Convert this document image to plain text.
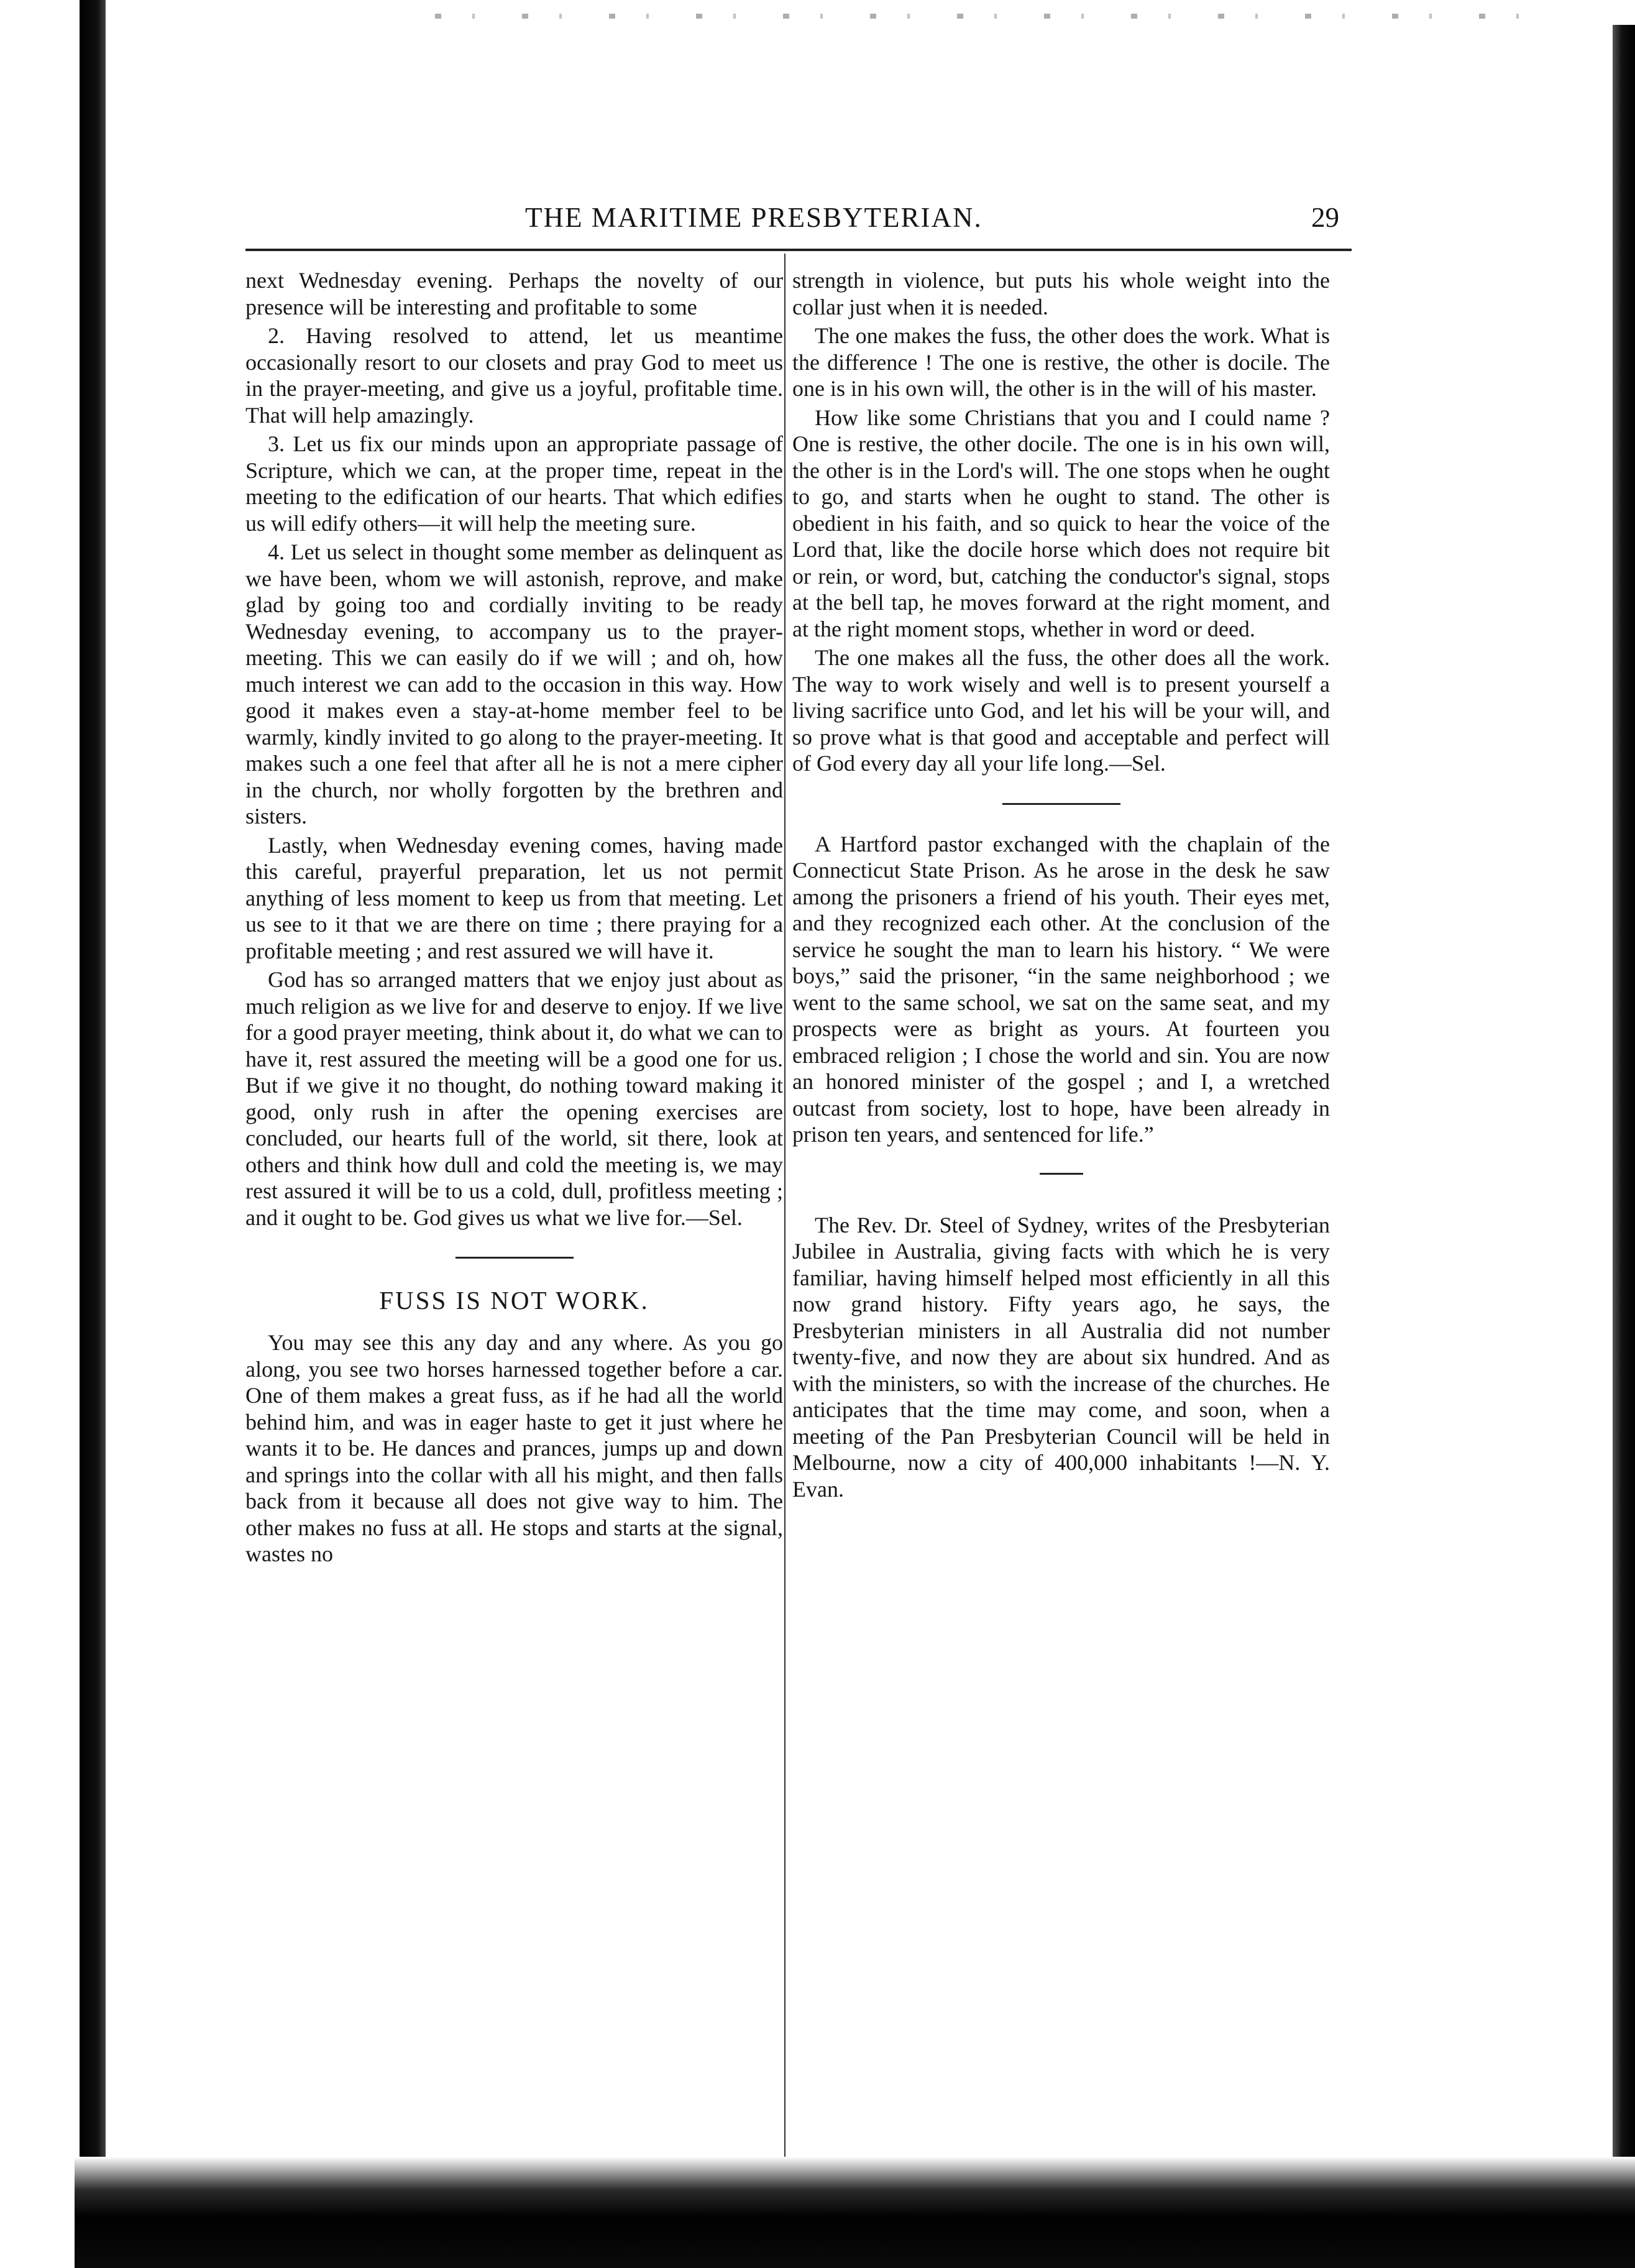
THE MARITIME PRESBYTERIAN.	29

next Wednesday evening. Perhaps the novelty of our presence will be interesting and profitable to some

2. Having resolved to attend, let us meantime occasionally resort to our closets and pray God to meet us in the prayer-meeting, and give us a joyful, profitable time. That will help amazingly.

3. Let us fix our minds upon an appropriate passage of Scripture, which we can, at the proper time, repeat in the meeting to the edification of our hearts. That which edifies us will edify others—it will help the meeting sure.

4. Let us select in thought some member as delinquent as we have been, whom we will astonish, reprove, and make glad by going too and cordially inviting to be ready Wednesday evening, to accompany us to the prayer-meeting. This we can easily do if we will ; and oh, how much interest we can add to the occasion in this way. How good it makes even a stay-at-home member feel to be warmly, kindly invited to go along to the prayer-meeting. It makes such a one feel that after all he is not a mere cipher in the church, nor wholly forgotten by the brethren and sisters.

Lastly, when Wednesday evening comes, having made this careful, prayerful preparation, let us not permit anything of less moment to keep us from that meeting. Let us see to it that we are there on time ; there praying for a profitable meeting ; and rest assured we will have it.

God has so arranged matters that we enjoy just about as much religion as we live for and deserve to enjoy. If we live for a good prayer meeting, think about it, do what we can to have it, rest assured the meeting will be a good one for us. But if we give it no thought, do nothing toward making it good, only rush in after the opening exercises are concluded, our hearts full of the world, sit there, look at others and think how dull and cold the meeting is, we may rest assured it will be to us a cold, dull, profitless meeting ; and it ought to be. God gives us what we live for.—Sel.

FUSS IS NOT WORK.

You may see this any day and any where. As you go along, you see two horses harnessed together before a car. One of them makes a great fuss, as if he had all the world behind him, and was in eager haste to get it just where he wants it to be. He dances and prances, jumps up and down and springs into the collar with all his might, and then falls back from it because all does not give way to him. The other makes no fuss at all. He stops and starts at the signal, wastes no

strength in violence, but puts his whole weight into the collar just when it is needed.

The one makes the fuss, the other does the work. What is the difference ! The one is restive, the other is docile. The one is in his own will, the other is in the will of his master.

How like some Christians that you and I could name ? One is restive, the other docile. The one is in his own will, the other is in the Lord's will. The one stops when he ought to go, and starts when he ought to stand. The other is obedient in his faith, and so quick to hear the voice of the Lord that, like the docile horse which does not require bit or rein, or word, but, catching the conductor's signal, stops at the bell tap, he moves forward at the right moment, and at the right moment stops, whether in word or deed.

The one makes all the fuss, the other does all the work. The way to work wisely and well is to present yourself a living sacrifice unto God, and let his will be your will, and so prove what is that good and acceptable and perfect will of God every day all your life long.—Sel.

A Hartford pastor exchanged with the chaplain of the Connecticut State Prison. As he arose in the desk he saw among the prisoners a friend of his youth. Their eyes met, and they recognized each other. At the conclusion of the service he sought the man to learn his history. “ We were boys,” said the prisoner, “in the same neighborhood ; we went to the same school, we sat on the same seat, and my prospects were as bright as yours. At fourteen you embraced religion ; I chose the world and sin. You are now an honored minister of the gospel ; and I, a wretched outcast from society, lost to hope, have been already in prison ten years, and sentenced for life.”

The Rev. Dr. Steel of Sydney, writes of the Presbyterian Jubilee in Australia, giving facts with which he is very familiar, having himself helped most efficiently in all this now grand history. Fifty years ago, he says, the Presbyterian ministers in all Australia did not number twenty-five, and now they are about six hundred. And as with the ministers, so with the increase of the churches. He anticipates that the time may come, and soon, when a meeting of the Pan Presbyterian Council will be held in Melbourne, now a city of 400,000 inhabitants !—N. Y. Evan.
